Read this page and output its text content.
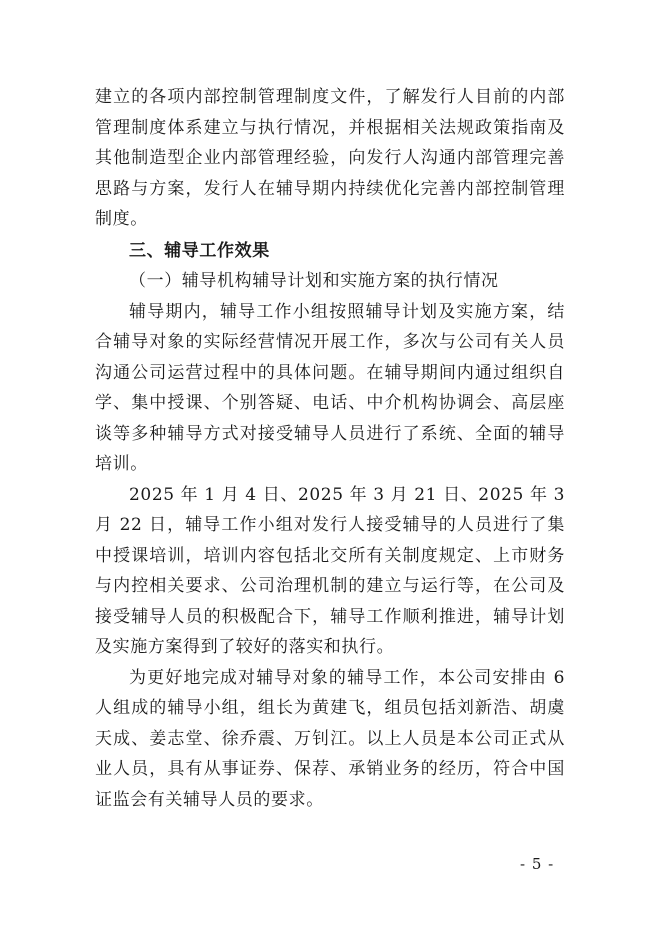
建立的各项内部控制管理制度文件，了解发行人目前的内部管理制度体系建立与执行情况，并根据相关法规政策指南及其他制造型企业内部管理经验，向发行人沟通内部管理完善思路与方案，发行人在辅导期内持续优化完善内部控制管理制度。

三、辅导工作效果

（一）辅导机构辅导计划和实施方案的执行情况

辅导期内，辅导工作小组按照辅导计划及实施方案，结合辅导对象的实际经营情况开展工作，多次与公司有关人员沟通公司运营过程中的具体问题。在辅导期间内通过组织自学、集中授课、个别答疑、电话、中介机构协调会、高层座谈等多种辅导方式对接受辅导人员进行了系统、全面的辅导培训。

2025 年 1 月 4 日、2025 年 3 月 21 日、2025 年 3 月 22 日，辅导工作小组对发行人接受辅导的人员进行了集中授课培训，培训内容包括北交所有关制度规定、上市财务与内控相关要求、公司治理机制的建立与运行等，在公司及接受辅导人员的积极配合下，辅导工作顺利推进，辅导计划及实施方案得到了较好的落实和执行。

为更好地完成对辅导对象的辅导工作，本公司安排由 6 人组成的辅导小组，组长为黄建飞，组员包括刘新浩、胡虞天成、姜志堂、徐乔震、万钊江。以上人员是本公司正式从业人员，具有从事证券、保荐、承销业务的经历，符合中国证监会有关辅导人员的要求。

- 5 -
